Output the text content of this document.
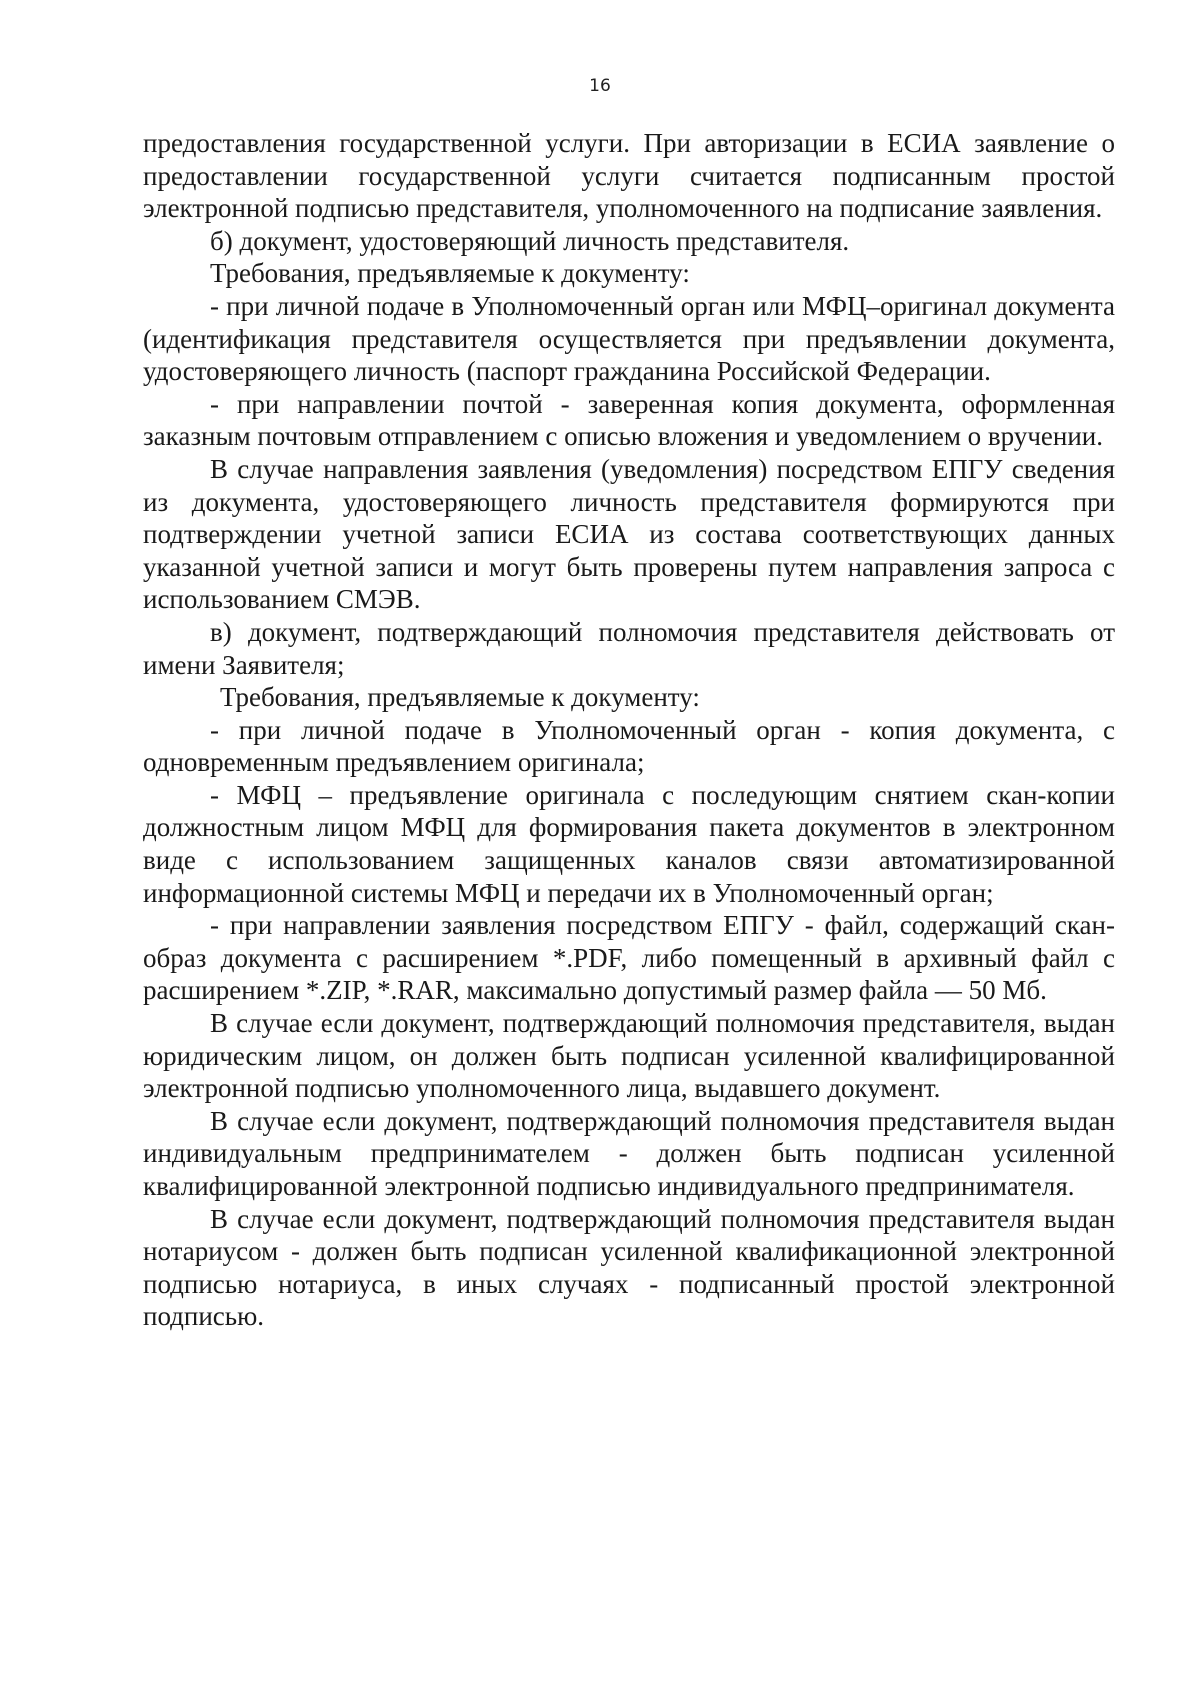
16

предоставления государственной услуги. При авторизации в ЕСИА заявление о предоставлении государственной услуги считается подписанным простой электронной подписью представителя, уполномоченного на подписание заявления.

б) документ, удостоверяющий личность представителя.

Требования, предъявляемые к документу:

- при личной подаче в Уполномоченный орган или МФЦ–оригинал документа (идентификация представителя осуществляется при предъявлении документа, удостоверяющего личность (паспорт гражданина Российской Федерации.

- при направлении почтой - заверенная копия документа, оформленная заказным почтовым отправлением с описью вложения и уведомлением о вручении.

В случае направления заявления (уведомления) посредством ЕПГУ сведения из документа, удостоверяющего личность представителя формируются при подтверждении учетной записи ЕСИА из состава соответствующих данных указанной учетной записи и могут быть проверены путем направления запроса с использованием СМЭВ.

в) документ, подтверждающий полномочия представителя действовать от имени Заявителя;

Требования, предъявляемые к документу:

- при личной подаче в Уполномоченный орган - копия документа, с одновременным предъявлением оригинала;

- МФЦ – предъявление оригинала с последующим снятием скан-копии должностным лицом МФЦ для формирования пакета документов в электронном виде с использованием защищенных каналов связи автоматизированной информационной системы МФЦ и передачи их в Уполномоченный орган;

- при направлении заявления посредством ЕПГУ - файл, содержащий скан-образ документа с расширением *.PDF, либо помещенный в архивный файл с расширением *.ZIP, *.RAR, максимально допустимый размер файла — 50 Мб.

В случае если документ, подтверждающий полномочия представителя, выдан юридическим лицом, он должен быть подписан усиленной квалифицированной электронной подписью уполномоченного лица, выдавшего документ.

В случае если документ, подтверждающий полномочия представителя выдан индивидуальным предпринимателем - должен быть подписан усиленной квалифицированной электронной подписью индивидуального предпринимателя.

В случае если документ, подтверждающий полномочия представителя выдан нотариусом - должен быть подписан усиленной квалификационной электронной подписью нотариуса, в иных случаях - подписанный простой электронной подписью.
